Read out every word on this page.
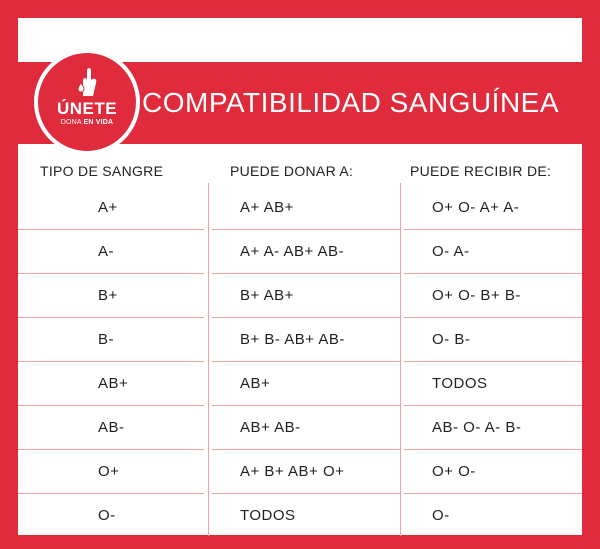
COMPATIBILIDAD SANGUÍNEA
ÚNETE
DONA EN VIDA
TIPO DE SANGRE	PUEDE DONAR A:	PUEDE RECIBIR DE:
A+	A+ AB+	O+ O- A+ A-
A-	A+ A- AB+ AB-	O- A-
B+	B+ AB+	O+ O- B+ B-
B-	B+ B- AB+ AB-	O- B-
AB+	AB+	TODOS
AB-	AB+ AB-	AB- O- A- B-
O+	A+ B+ AB+ O+	O+ O-
O-	TODOS	O-
